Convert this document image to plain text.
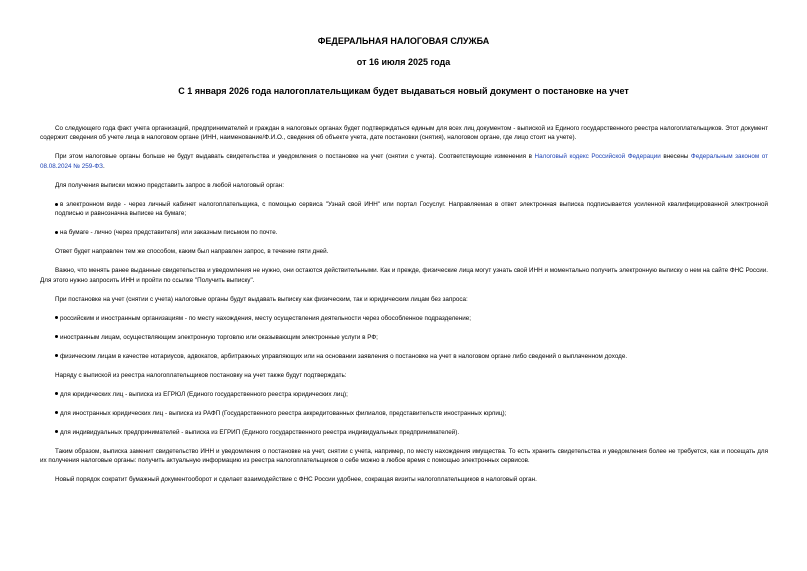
ФЕДЕРАЛЬНАЯ НАЛОГОВАЯ СЛУЖБА
от 16 июля 2025 года
С 1 января 2026 года налогоплательщикам будет выдаваться новый документ о постановке на учет

Со следующего года факт учета организаций, предпринимателей и граждан в налоговых органах будет подтверждаться единым для всех лиц документом - выпиской из Единого государственного реестра налогоплательщиков. Этот документ содержит сведения об учете лица в налоговом органе (ИНН, наименование/Ф.И.О., сведения об объекте учета, дате постановки (снятия), налоговом органе, где лицо стоит на учете).

При этом налоговые органы больше не будут выдавать свидетельства и уведомления о постановке на учет (снятии с учета). Соответствующие изменения в Налоговый кодекс Российской Федерации внесены Федеральным законом от 08.08.2024 № 259-ФЗ.

Для получения выписки можно представить запрос в любой налоговый орган:

в электронном виде - через личный кабинет налогоплательщика, с помощью сервиса "Узнай свой ИНН" или портал Госуслуг. Направляемая в ответ электронная выписка подписывается усиленной квалифицированной электронной подписью и равнозначна выписке на бумаге;

на бумаге - лично (через представителя) или заказным письмом по почте.

Ответ будет направлен тем же способом, каким был направлен запрос, в течение пяти дней.

Важно, что менять ранее выданные свидетельства и уведомления не нужно, они остаются действительными. Как и прежде, физические лица могут узнать свой ИНН и моментально получить электронную выписку о нем на сайте ФНС России. Для этого нужно запросить ИНН и пройти по ссылке "Получить выписку".

При постановке на учет (снятии с учета) налоговые органы будут выдавать выписку как физическим, так и юридическим лицам без запроса:

российским и иностранным организациям - по месту нахождения, месту осуществления деятельности через обособленное подразделение;

иностранным лицам, осуществляющим электронную торговлю или оказывающим электронные услуги в РФ;

физическим лицам в качестве нотариусов, адвокатов, арбитражных управляющих или на основании заявления о постановке на учет в налоговом органе либо сведений о выплаченном доходе.

Наряду с выпиской из реестра налогоплательщиков постановку на учет также будут подтверждать:

для юридических лиц - выписка из ЕГРЮЛ (Единого государственного реестра юридических лиц);

для иностранных юридических лиц - выписка из РАФП (Государственного реестра аккредитованных филиалов, представительств иностранных юрлиц);

для индивидуальных предпринимателей - выписка из ЕГРИП (Единого государственного реестра индивидуальных предпринимателей).

Таким образом, выписка заменит свидетельство ИНН и уведомления о постановке на учет, снятии с учета, например, по месту нахождения имущества. То есть хранить свидетельства и уведомления более не требуется, как и посещать для их получения налоговые органы: получить актуальную информацию из реестра налогоплательщиков о себе можно в любое время с помощью электронных сервисов.

Новый порядок сократит бумажный документооборот и сделает взаимодействие с ФНС России удобнее, сокращая визиты налогоплательщиков в налоговый орган.
